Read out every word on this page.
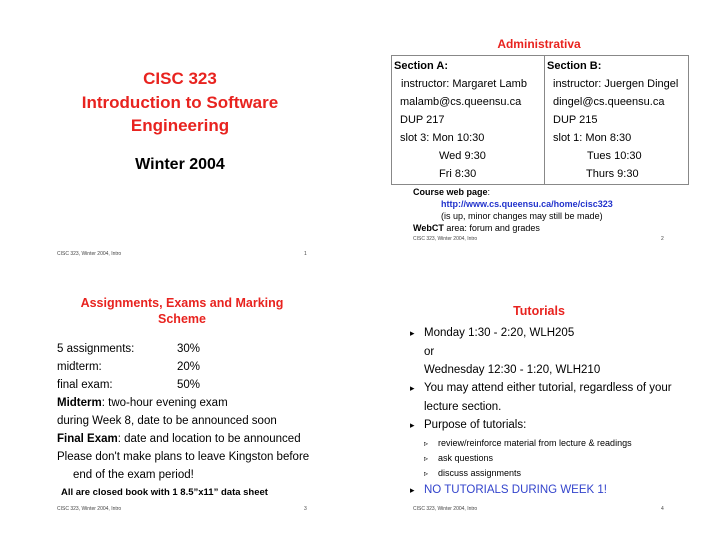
CISC 323
Introduction to Software
Engineering
Winter 2004
CISC 323, Winter 2004, Intro	1
Administrativa
Section A:
instructor: Margaret Lamb
malamb@cs.queensu.ca
DUP 217
slot 3: Mon 10:30
Wed 9:30
Fri 8:30
Section B:
instructor: Juergen Dingel
dingel@cs.queensu.ca
DUP 215
slot 1: Mon 8:30
Tues 10:30
Thurs 9:30
Course web page:
http://www.cs.queensu.ca/home/cisc323
(is up, minor changes may still be made)
WebCT area: forum and grades
CISC 323, Winter 2004, Intro	2
Assignments, Exams and Marking
Scheme
5 assignments:	30%
midterm:	20%
final exam:	50%
Midterm: two-hour evening exam
during Week 8, date to be announced soon
Final Exam: date and location to be announced
Please don't make plans to leave Kingston before
end of the exam period!
All are closed book with 1 8.5”x11” data sheet
CISC 323, Winter 2004, Intro	3
Tutorials
▸ Monday 1:30 - 2:20, WLH205
or
Wednesday 12:30 - 1:20, WLH210
▸ You may attend either tutorial, regardless of your
lecture section.
▸ Purpose of tutorials:
▹ review/reinforce material from lecture & readings
▹ ask questions
▹ discuss assignments
▸ NO TUTORIALS DURING WEEK 1!
CISC 323, Winter 2004, Intro	4
